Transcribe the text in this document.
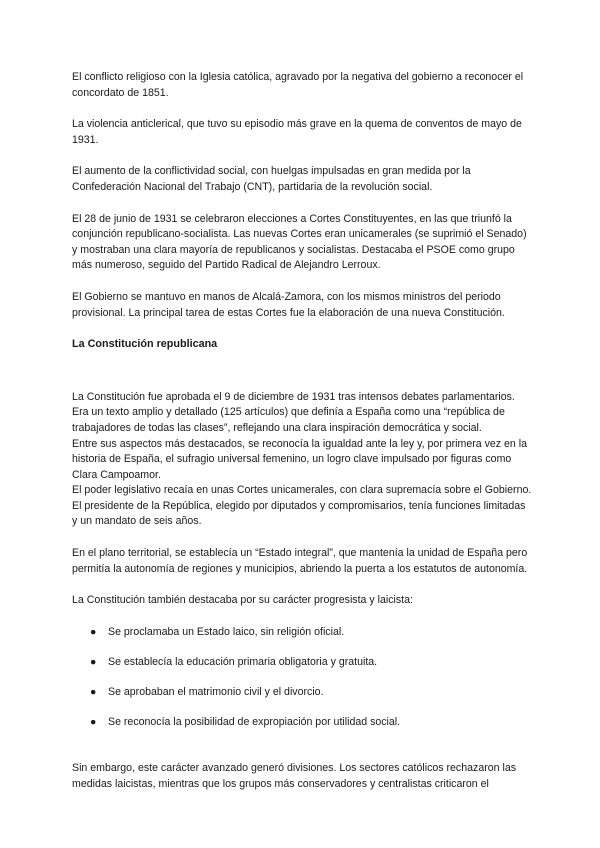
El conflicto religioso con la Iglesia católica, agravado por la negativa del gobierno a reconocer el concordato de 1851.

La violencia anticlerical, que tuvo su episodio más grave en la quema de conventos de mayo de 1931.

El aumento de la conflictividad social, con huelgas impulsadas en gran medida por la Confederación Nacional del Trabajo (CNT), partidaria de la revolución social.

El 28 de junio de 1931 se celebraron elecciones a Cortes Constituyentes, en las que triunfó la conjunción republicano-socialista. Las nuevas Cortes eran unicamerales (se suprimió el Senado) y mostraban una clara mayoría de republicanos y socialistas. Destacaba el PSOE como grupo más numeroso, seguido del Partido Radical de Alejandro Lerroux.

El Gobierno se mantuvo en manos de Alcalá-Zamora, con los mismos ministros del periodo provisional. La principal tarea de estas Cortes fue la elaboración de una nueva Constitución.

La Constitución republicana

La Constitución fue aprobada el 9 de diciembre de 1931 tras intensos debates parlamentarios. Era un texto amplio y detallado (125 artículos) que definía a España como una “república de trabajadores de todas las clases”, reflejando una clara inspiración democrática y social.

Entre sus aspectos más destacados, se reconocía la igualdad ante la ley y, por primera vez en la historia de España, el sufragio universal femenino, un logro clave impulsado por figuras como Clara Campoamor.

El poder legislativo recaía en unas Cortes unicamerales, con clara supremacía sobre el Gobierno. El presidente de la República, elegido por diputados y compromisarios, tenía funciones limitadas y un mandato de seis años.

En el plano territorial, se establecía un “Estado integral”, que mantenía la unidad de España pero permitía la autonomía de regiones y municipios, abriendo la puerta a los estatutos de autonomía.

La Constitución también destacaba por su carácter progresista y laicista:

● Se proclamaba un Estado laico, sin religión oficial.
● Se establecía la educación primaria obligatoria y gratuita.
● Se aprobaban el matrimonio civil y el divorcio.
● Se reconocía la posibilidad de expropiación por utilidad social.

Sin embargo, este carácter avanzado generó divisiones. Los sectores católicos rechazaron las medidas laicistas, mientras que los grupos más conservadores y centralistas criticaron el
